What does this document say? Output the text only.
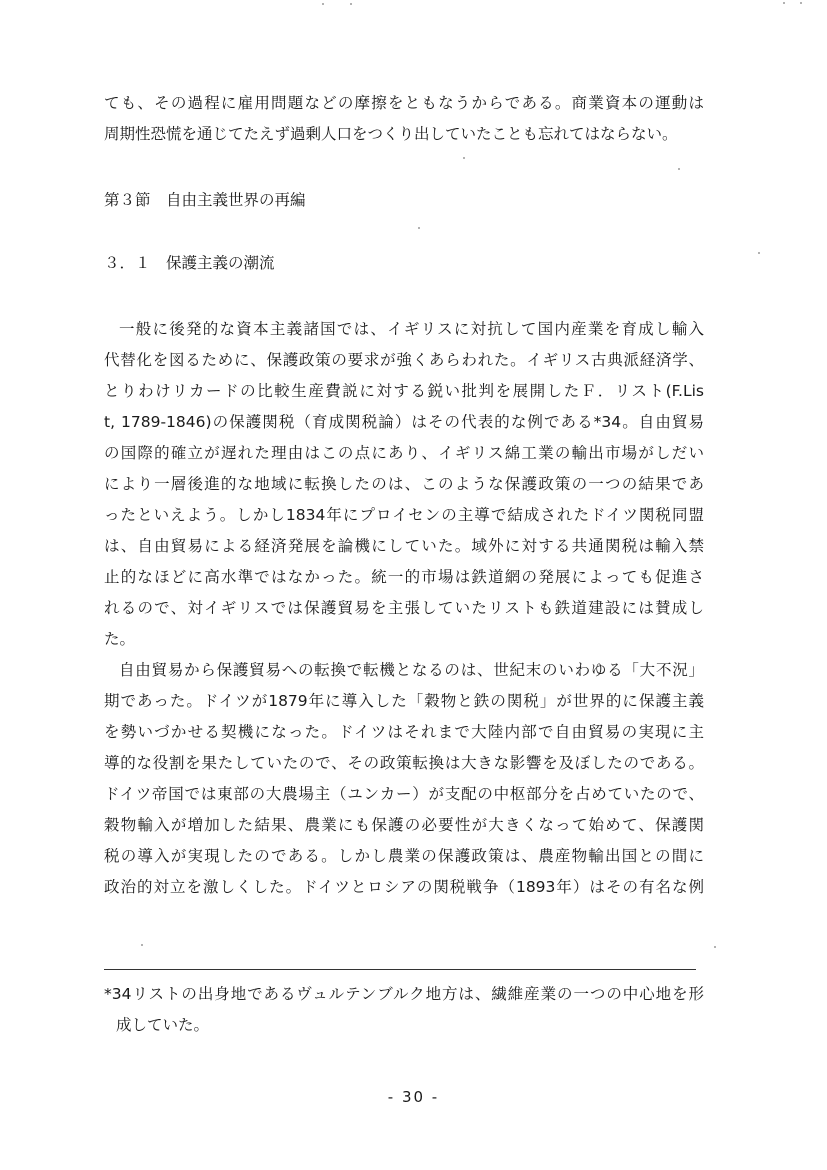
ても、その過程に雇用問題などの摩擦をともなうからである。商業資本の運動は
周期性恐慌を通じてたえず過剰人口をつくり出していたことも忘れてはならない。
第３節　自由主義世界の再編
３．１　保護主義の潮流
一般に後発的な資本主義諸国では、イギリスに対抗して国内産業を育成し輸入
代替化を図るために、保護政策の要求が強くあらわれた。イギリス古典派経済学、
とりわけリカードの比較生産費説に対する鋭い批判を展開したＦ．リスト(F.Lis
t, 1789-1846)の保護関税（育成関税論）はその代表的な例である*34。自由貿易
の国際的確立が遅れた理由はこの点にあり、イギリス綿工業の輸出市場がしだい
により一層後進的な地域に転換したのは、このような保護政策の一つの結果であ
ったといえよう。しかし1834年にプロイセンの主導で結成されたドイツ関税同盟
は、自由貿易による経済発展を論機にしていた。域外に対する共通関税は輸入禁
止的なほどに高水準ではなかった。統一的市場は鉄道網の発展によっても促進さ
れるので、対イギリスでは保護貿易を主張していたリストも鉄道建設には賛成し
た。
自由貿易から保護貿易への転換で転機となるのは、世紀末のいわゆる「大不況」
期であった。ドイツが1879年に導入した「穀物と鉄の関税」が世界的に保護主義
を勢いづかせる契機になった。ドイツはそれまで大陸内部で自由貿易の実現に主
導的な役割を果たしていたので、その政策転換は大きな影響を及ぼしたのである。
ドイツ帝国では東部の大農場主（ユンカー）が支配の中枢部分を占めていたので、
穀物輸入が増加した結果、農業にも保護の必要性が大きくなって始めて、保護関
税の導入が実現したのである。しかし農業の保護政策は、農産物輸出国との間に
政治的対立を激しくした。ドイツとロシアの関税戦争（1893年）はその有名な例
*34リストの出身地であるヴュルテンブルク地方は、繊維産業の一つの中心地を形
成していた。
- 30 -
